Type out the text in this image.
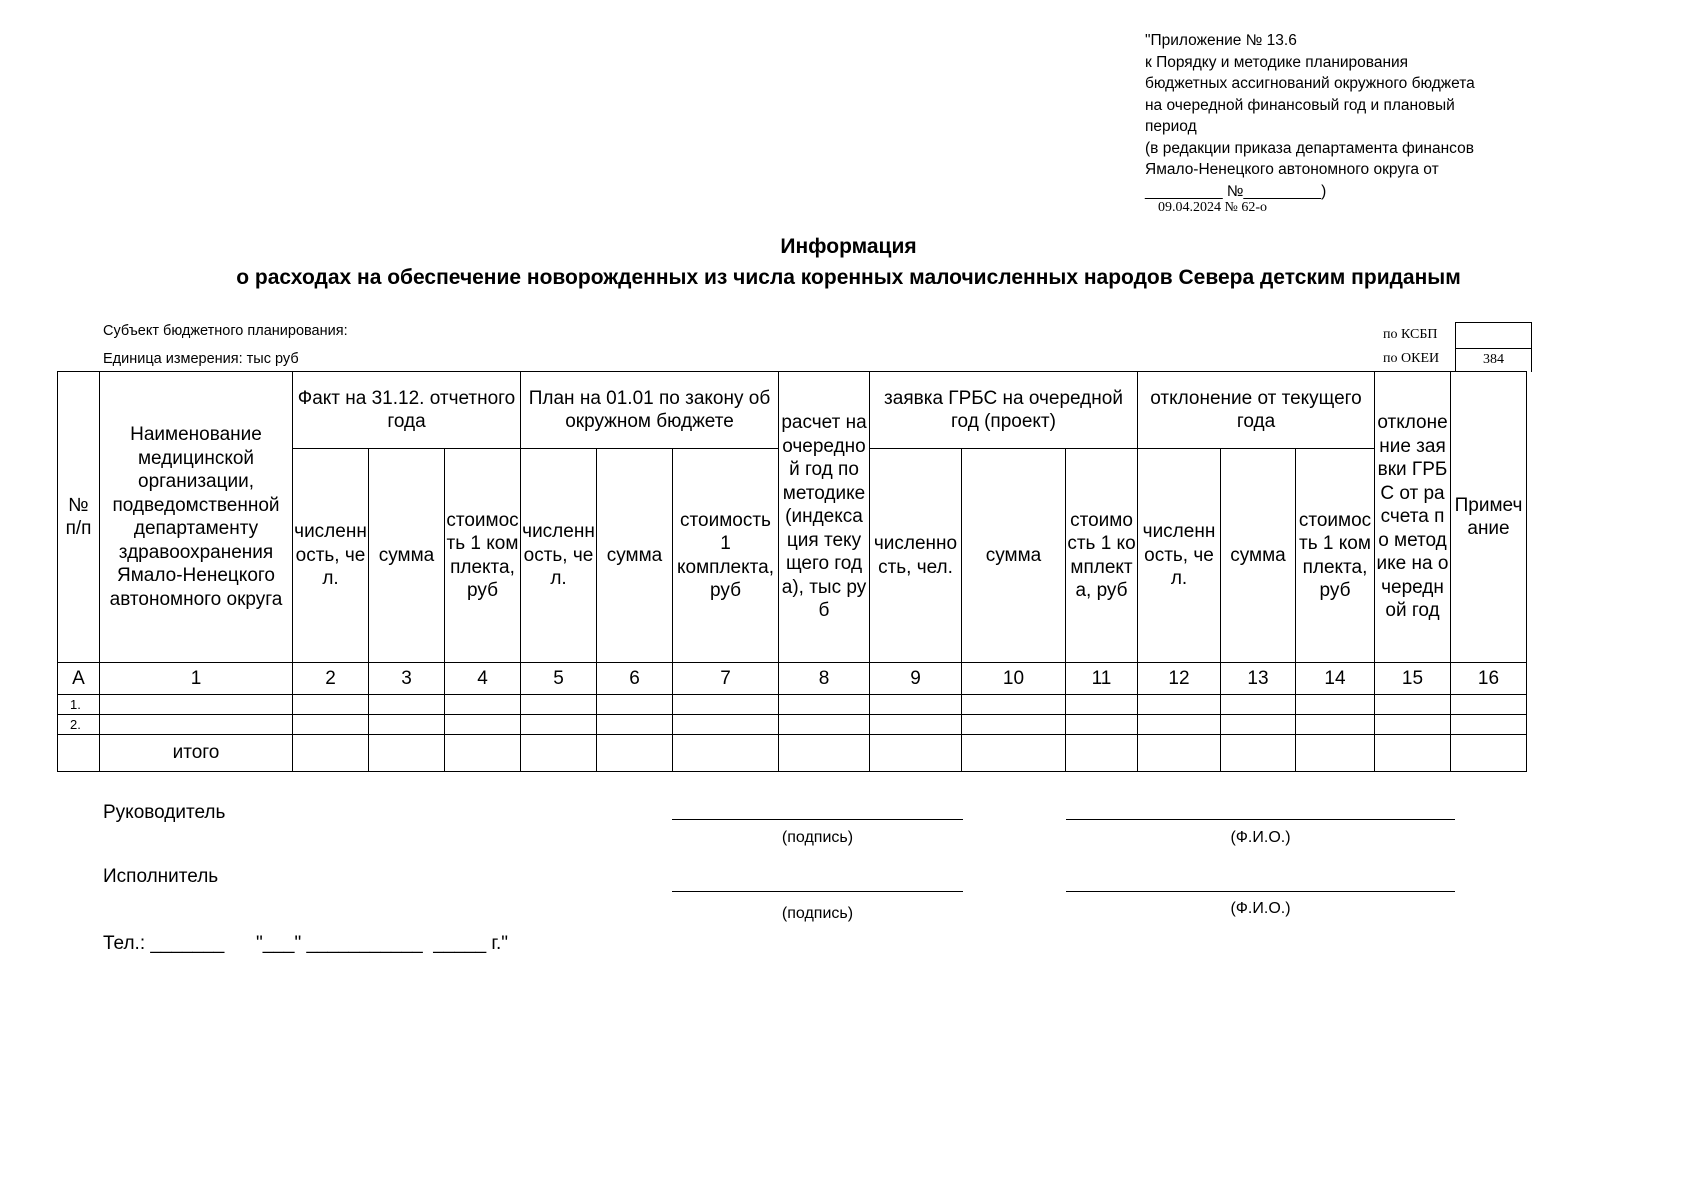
"Приложение № 13.6
к Порядку и методике планирования
бюджетных ассигнований окружного бюджета
на очередной финансовый год и плановый
период
(в редакции приказа департамента финансов
Ямало-Ненецкого автономного округа от
_________ №_________)
09.04.2024 № 62-о
Информация
о расходах на обеспечение новорожденных из числа коренных малочисленных народов Севера детским приданым
Субъект бюджетного планирования:
Единица измерения: тыс руб
по КСБП
по ОКЕИ	384
№ п/п	Наименование медицинской организации, подведомственной департаменту здравоохранения Ямало-Ненецкого автономного округа	Факт на 31.12. отчетного года			План на 01.01 по закону об окружном бюджете			расчет на очередной год по методике (индексация текущего года), тыс руб	заявка ГРБС на очередной год (проект)			отклонение от текущего года			отклонение заявки ГРБС от расчета по методике на очередной год	Примечание
		численность, чел.	сумма	стоимость 1 комплекта, руб	численность, чел.	сумма	стоимость 1 комплекта, руб		численность, чел.	сумма	стоимость 1 комплекта, руб	численность, чел.	сумма	стоимость 1 комплекта, руб		
А	1	2	3	4	5	6	7	8	9	10	11	12	13	14	15	16
1.																
2.																
	итого															
Руководитель
(подпись)	(Ф.И.О.)
Исполнитель
(подпись)	(Ф.И.О.)
Тел.: _______      "___" ___________  _____ г."
